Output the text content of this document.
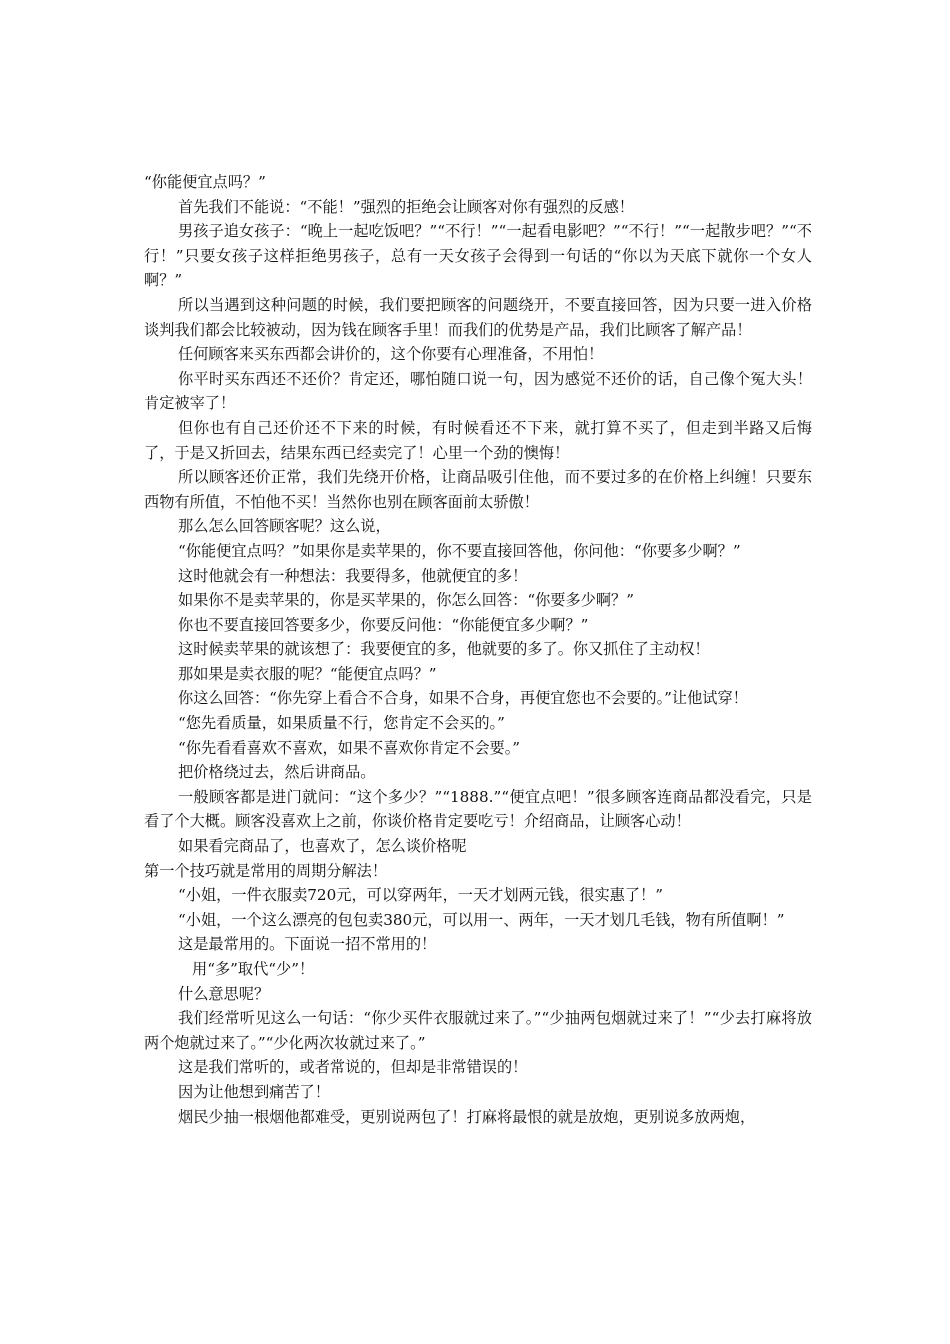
“你能便宜点吗？”

首先我们不能说：“不能！”强烈的拒绝会让顾客对你有强烈的反感！

男孩子追女孩子：“晚上一起吃饭吧？”“不行！”“一起看电影吧？”“不行！”“一起散步吧？”“不行！”只要女孩子这样拒绝男孩子，总有一天女孩子会得到一句话的“你以为天底下就你一个女人啊？”

所以当遇到这种问题的时候，我们要把顾客的问题绕开，不要直接回答，因为只要一进入价格谈判我们都会比较被动，因为钱在顾客手里！而我们的优势是产品，我们比顾客了解产品！

任何顾客来买东西都会讲价的，这个你要有心理准备，不用怕！

你平时买东西还不还价？肯定还，哪怕随口说一句，因为感觉不还价的话，自己像个冤大头！肯定被宰了！

但你也有自己还价还不下来的时候，有时候看还不下来，就打算不买了，但走到半路又后悔了，于是又折回去，结果东西已经卖完了！心里一个劲的懊悔！

所以顾客还价正常，我们先绕开价格，让商品吸引住他，而不要过多的在价格上纠缠！只要东西物有所值，不怕他不买！当然你也别在顾客面前太骄傲！

那么怎么回答顾客呢？这么说，

“你能便宜点吗？”如果你是卖苹果的，你不要直接回答他，你问他：“你要多少啊？”

这时他就会有一种想法：我要得多，他就便宜的多！

如果你不是卖苹果的，你是买苹果的，你怎么回答：“你要多少啊？”

你也不要直接回答要多少，你要反问他：“你能便宜多少啊？”

这时候卖苹果的就该想了：我要便宜的多，他就要的多了。你又抓住了主动权！

那如果是卖衣服的呢？“能便宜点吗？”

你这么回答：“你先穿上看合不合身，如果不合身，再便宜您也不会要的。”让他试穿！

“您先看质量，如果质量不行，您肯定不会买的。”

“你先看看喜欢不喜欢，如果不喜欢你肯定不会要。”

把价格绕过去，然后讲商品。

一般顾客都是进门就问：“这个多少？”“1888.”“便宜点吧！”很多顾客连商品都没看完，只是看了个大概。顾客没喜欢上之前，你谈价格肯定要吃亏！介绍商品，让顾客心动！

如果看完商品了，也喜欢了，怎么谈价格呢

第一个技巧就是常用的周期分解法！

“小姐，一件衣服卖720元，可以穿两年，一天才划两元钱，很实惠了！”

“小姐，一个这么漂亮的包包卖380元，可以用一、两年，一天才划几毛钱，物有所值啊！”

这是最常用的。下面说一招不常用的！

用“多”取代“少”！

什么意思呢？

我们经常听见这么一句话：“你少买件衣服就过来了。”“少抽两包烟就过来了！”“少去打麻将放两个炮就过来了。”“少化两次妆就过来了。”

这是我们常听的，或者常说的，但却是非常错误的！

因为让他想到痛苦了！

烟民少抽一根烟他都难受，更别说两包了！打麻将最恨的就是放炮，更别说多放两炮，
